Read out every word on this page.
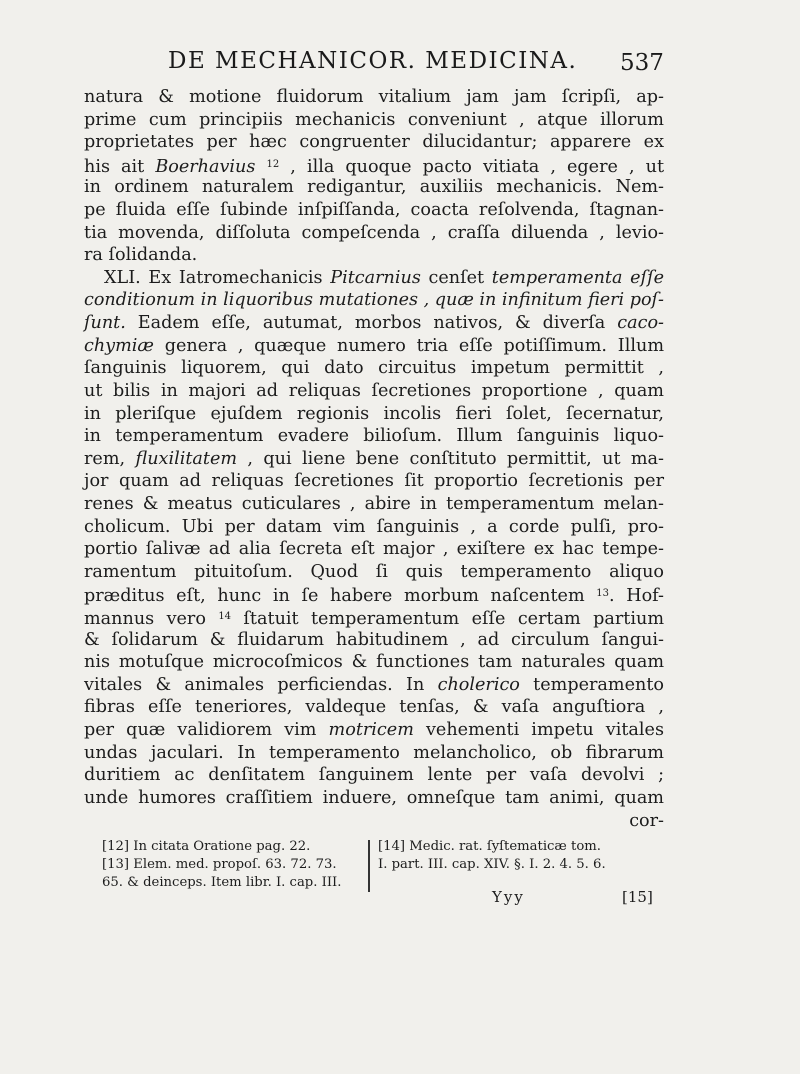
DE MECHANICOR. MEDICINA. 537
natura & motione fluidorum vitalium jam jam ſcripſi, ap-
prime cum principiis mechanicis conveniunt , atque illorum
proprietates per hæc congruenter dilucidantur; apparere ex
his ait Boerhavius $^{12}$ , illa quoque pacto vitiata , egere , ut
in ordinem naturalem redigantur, auxiliis mechanicis. Nem-
pe fluida eſſe ſubinde inſpiſſanda, coacta reſolvenda, ſtagnan-
tia movenda, diſſoluta compeſcenda , craſſa diluenda , levio-
ra ſolidanda.
XLI. Ex Iatromechanicis Pitcarnius cenſet temperamenta eſſe
conditionum in liquoribus mutationes , quæ in infinitum fieri poſ-
ſunt. Eadem eſſe, autumat, morbos nativos, & diverſa caco-
chymiæ genera , quæque numero tria eſſe potiſſimum. Illum
ſanguinis liquorem, qui dato circuitus impetum permittit ,
ut bilis in majori ad reliquas ſecretiones proportione , quam
in pleriſque ejuſdem regionis incolis fieri ſolet, ſecernatur,
in temperamentum evadere bilioſum. Illum ſanguinis liquo-
rem, fluxilitatem , qui liene bene conſtituto permittit, ut ma-
jor quam ad reliquas ſecretiones ſit proportio ſecretionis per
renes & meatus cuticulares , abire in temperamentum melan-
cholicum. Ubi per datam vim ſanguinis , a corde pulſi, pro-
portio ſalivæ ad alia ſecreta eſt major , exiſtere ex hac tempe-
ramentum pituitoſum. Quod ſi quis temperamento aliquo
præditus eſt, hunc in ſe habere morbum naſcentem $^{13}$. Hof-
mannus vero $^{14}$ ſtatuit temperamentum eſſe certam partium
& ſolidarum & fluidarum habitudinem , ad circulum ſangui-
nis motuſque microcoſmicos & functiones tam naturales quam
vitales & animales perficiendas. In cholerico temperamento
fibras eſſe teneriores, valdeque tenſas, & vaſa anguſtiora ,
per quæ validiorem vim motricem vehementi impetu vitales
undas jaculari. In temperamento melancholico, ob fibrarum
duritiem ac denſitatem ſanguinem lente per vaſa devolvi ;
unde humores craſſitiem induere, omneſque tam animi, quam
cor-
[12] In citata Oratione pag. 22.
[13] Elem. med. propoſ. 63. 72. 73.
65. & deinceps. Item libr. I. cap. III.
[14] Medic. rat. ſyſtematicæ tom.
I. part. III. cap. XIV. §. I. 2. 4. 5. 6.
Yyy	[15]
